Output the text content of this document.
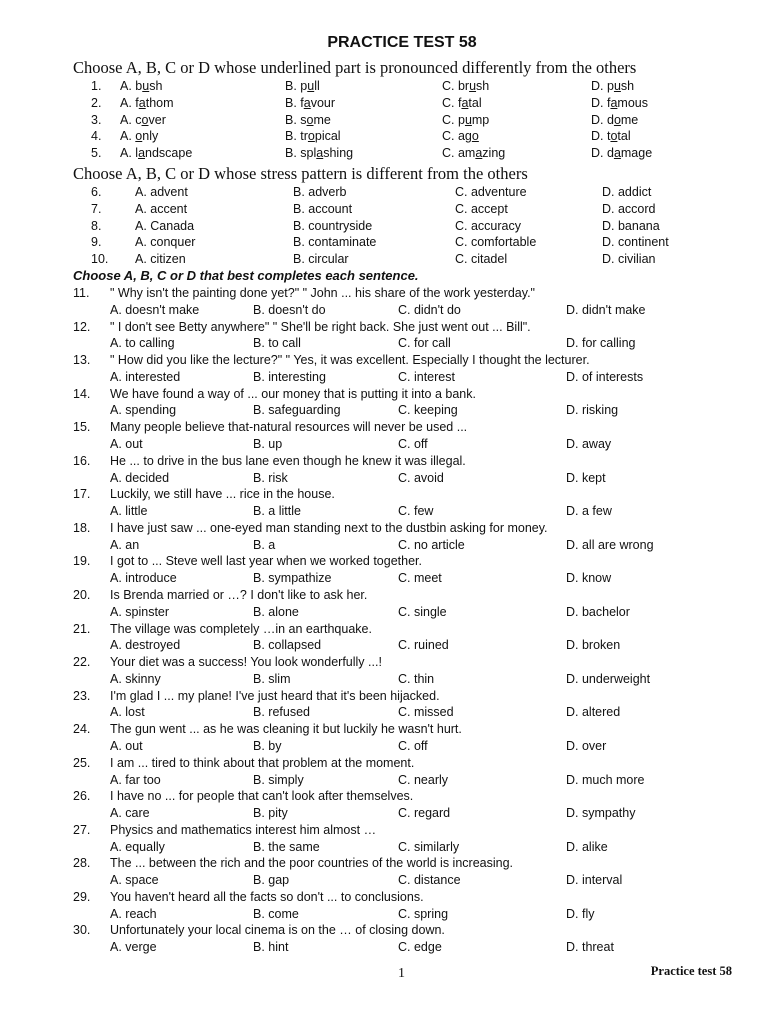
PRACTICE TEST 58
Choose A, B, C or D whose underlined part is pronounced differently from the others
1. A. bush	B. pull	C. brush	D. push
2. A. fathom	B. favour	C. fatal	D. famous
3. A. cover	B. some	C. pump	D. dome
4. A. only	B. tropical	C. ago	D. total
5. A. landscape	B. splashing	C. amazing	D. damage
Choose A, B, C or D whose stress pattern is different from the others
6.	A. advent	B. adverb	C. adventure	D. addict
7.	A. accent	B. account	C. accept	D. accord
8.	A. Canada	B. countryside	C. accuracy	D. banana
9.	A. conquer	B. contaminate	C. comfortable	D. continent
10. A. citizen	B. circular	C. citadel	D. civilian
Choose A, B, C or D that best completes each sentence.
11. " Why isn't the painting done yet?" " John ... his share of the work yesterday."
A. doesn't make	B. doesn't do	C. didn't do	D. didn't make
12. " I don't see Betty anywhere" " She'll be right back. She just went out ... Bill".
A. to calling	B. to call	C. for call	D. for calling
13. " How did you like the lecture?" " Yes, it was excellent. Especially I thought the lecturer.
A. interested	B. interesting	C. interest	D. of interests
14. We have found a way of ... our money that is putting it into a bank.
A. spending	B. safeguarding	C. keeping	D. risking
15. Many people believe that-natural resources will never be used ...
A. out	B. up	C. off	D. away
16. He ... to drive in the bus lane even though he knew it was illegal.
A. decided	B. risk	C. avoid	D. kept
17. Luckily, we still have ... rice in the house.
A. little	B. a little	C. few	D. a few
18. I have just saw ... one-eyed man standing next to the dustbin asking for money.
A. an	B. a	C. no article	D. all are wrong
19. I got to ... Steve well last year when we worked together.
A. introduce	B. sympathize	C. meet	D. know
20. Is Brenda married or …? I don't like to ask her.
A. spinster	B. alone	C. single	D. bachelor
21. The village was completely …in an earthquake.
A. destroyed	B. collapsed	C. ruined	D. broken
22. Your diet was a success! You look wonderfully ...!
A. skinny	B. slim	C. thin	D. underweight
23. I'm glad I ... my plane! I've just heard that it's been hijacked.
A. lost	B. refused	C. missed	D. altered
24. The gun went ... as he was cleaning it but luckily he wasn't hurt.
A. out	B. by	C. off	D. over
25. I am ... tired to think about that problem at the moment.
A. far too	B. simply	C. nearly	D. much more
26. I have no ... for people that can't look after themselves.
A. care	B. pity	C. regard	D. sympathy
27. Physics and mathematics interest him almost …
A. equally	B. the same	C. similarly	D. alike
28. The ... between the rich and the poor countries of the world is increasing.
A. space	B. gap	C. distance	D. interval
29. You haven't heard all the facts so don't ... to conclusions.
A. reach	B. come	C. spring	D. fly
30. Unfortunately your local cinema is on the … of closing down.
A. verge	B. hint	C. edge	D. threat
1	Practice test 58
